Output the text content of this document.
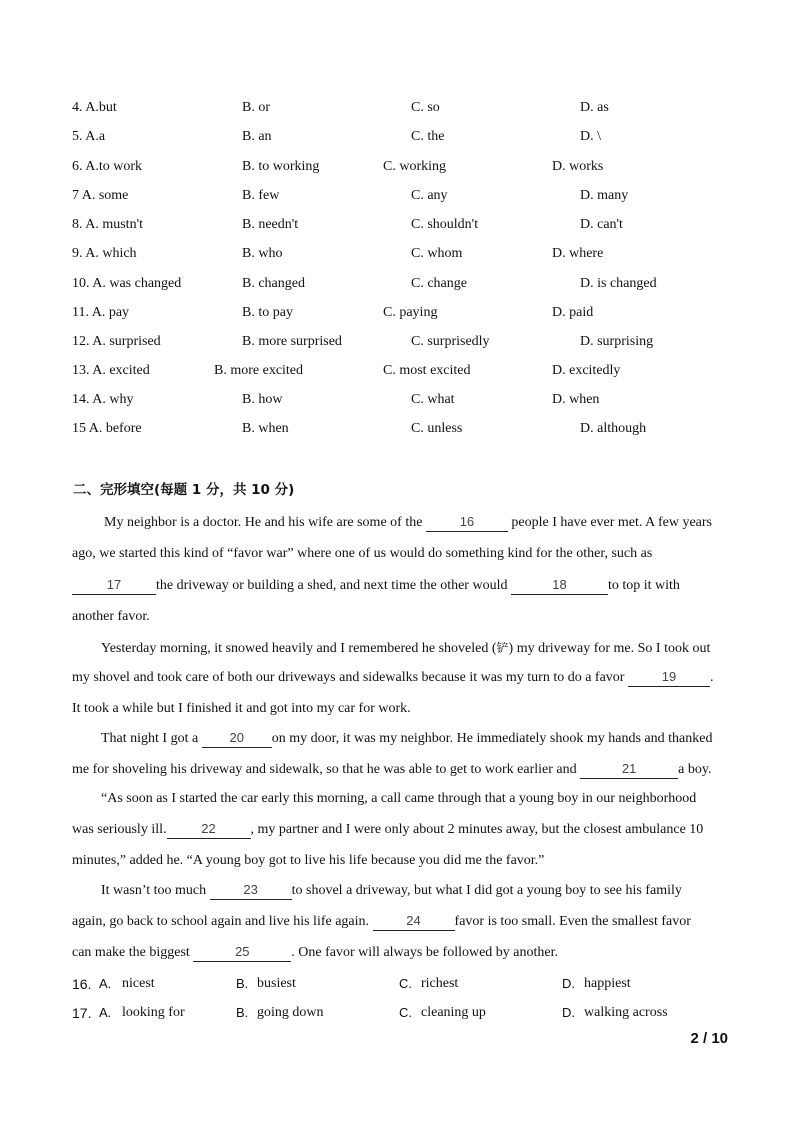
4. A.but	B. or	C. so	D. as
5. A.a	B. an	C. the	D. \
6. A.to work	B. to working	C. working	D. works
7 A. some	B. few	C. any	D. many
8. A. mustn't	B. needn't	C. shouldn't	D. can't
9. A. which	B. who	C. whom	D. where
10. A. was changed	B. changed	C. change	D. is changed
11. A. pay	B. to pay	C. paying	D. paid
12. A. surprised	B. more surprised	C. surprisedly	D. surprising
13. A. excited	B. more excited	C. most excited	D. excitedly
14. A. why	B. how	C. what	D. when
15 A. before	B. when	C. unless	D. although
二、完形填空(每题 1 分，共 10 分)
My neighbor is a doctor. He and his wife are some of the	16 people I have ever met. A few years
ago, we started this kind of “favor war” where one of us would do something kind for the other, such as
17 the driveway or building a shed, and next time the other would	18	to top it with
another favor.
Yesterday morning, it snowed heavily and I remembered he shoveled (铲) my driveway for me. So I took out
my shovel and took care of both our driveways and sidewalks because it was my turn to do a favor	19 .
It took a while but I finished it and got into my car for work.
That night I got a 20 on my door, it was my neighbor. He immediately shook my hands and thanked
me for shoveling his driveway and sidewalk, so that he was able to get to work earlier and	21	a boy.
“As soon as I started the car early this morning, a call came through that a young boy in our neighborhood
was seriously ill.	22 , my partner and I were only about 2 minutes away, but the closest ambulance 10
minutes,” added he. “A young boy got to live his life because you did me the favor.”
It wasn’t too much	23 to shovel a driveway, but what I did got a young boy to see his family
again, go back to school again and live his life again.	24 favor is too small. Even the smallest favor
can make the biggest	25	. One favor will always be followed by another.
16. A. nicest	B. busiest	C. richest	D. happiest
17. A. looking for	B. going down	C. cleaning up	D. walking across
2 / 10
